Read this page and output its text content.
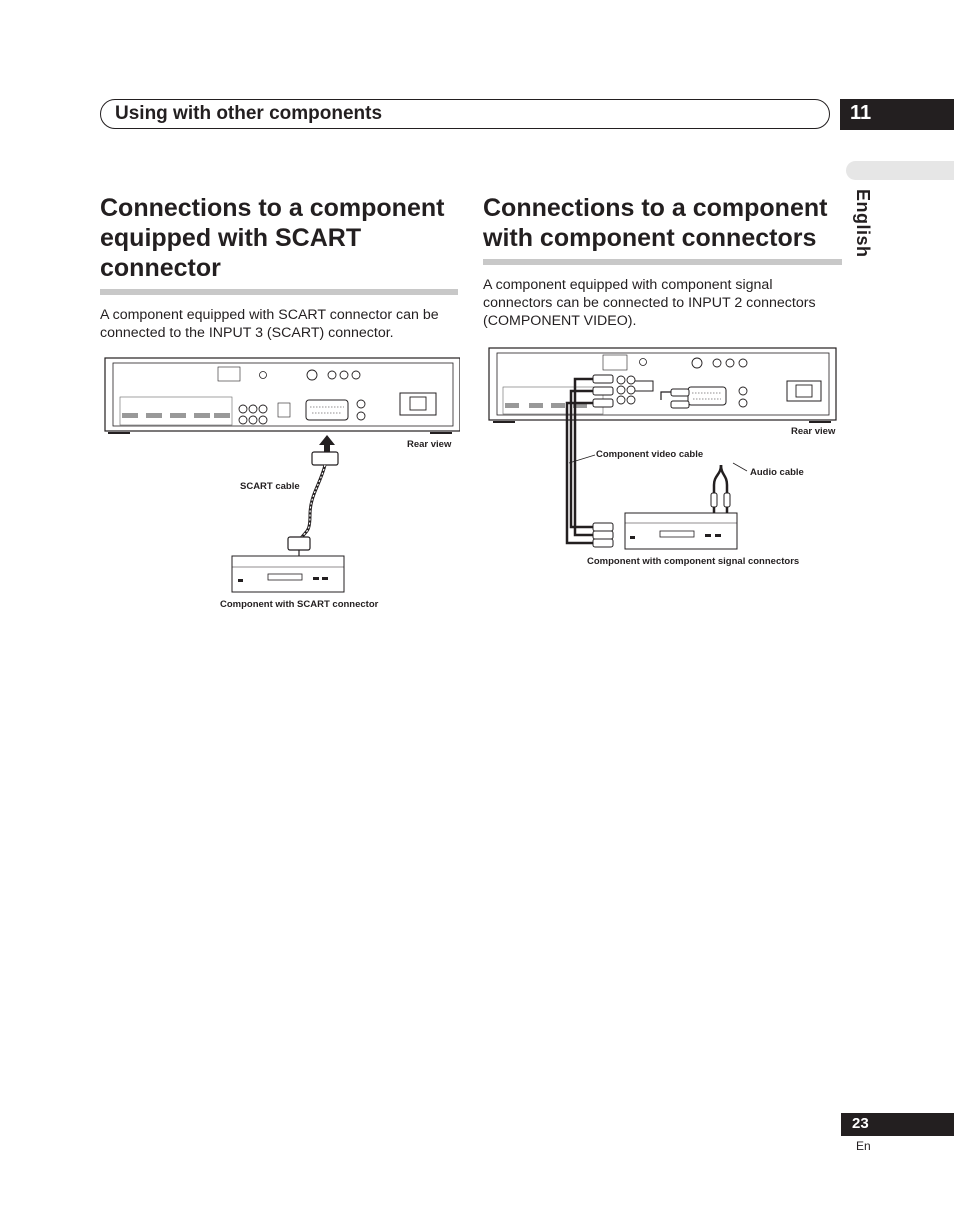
Using with other components	11
English
Connections to a component
equipped with SCART
connector

A component equipped with SCART connector can be
connected to the INPUT 3 (SCART) connector.

Rear view
SCART cable
Component with SCART connector
Connections to a component
with component connectors

A component equipped with component signal
connectors can be connected to INPUT 2 connectors
(COMPONENT VIDEO).

Rear view
Component video cable
Audio cable
Component with component signal connectors
23
En
